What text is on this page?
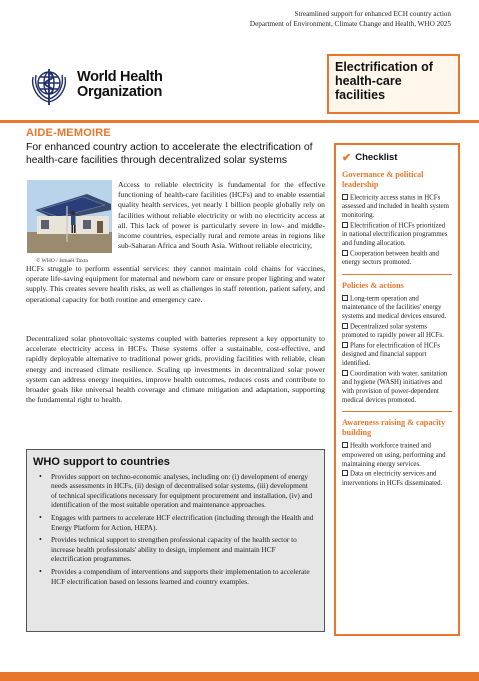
Streamlined support for enhanced ECH country action
Department of Environment, Climate Change and Health, WHO 2025
World Health
Organization
Electrification of
health-care
facilities
AIDE-MEMOIRE
For enhanced country action to accelerate the electrification of health-care facilities through decentralized solar systems
© WHO / Ismaël Taxta
Access to reliable electricity is fundamental for the effective functioning of health-care facilities (HCFs) and to enable essential quality health services, yet nearly 1 billion people globally rely on facilities without reliable electricity or with no electricity access at all. This lack of power is particularly severe in low- and middle-income countries, especially rural and remote areas in regions like sub-Saharan Africa and South Asia. Without reliable electricity,
HCFs struggle to perform essential services: they cannot maintain cold chains for vaccines, operate life-saving equipment for maternal and newborn care or ensure proper lighting and water supply. This creates severe health risks, as well as challenges in staff retention, patient safety, and operational capacity for both routine and emergency care.
Decentralized solar photovoltaic systems coupled with batteries represent a key opportunity to accelerate electricity access in HCFs. These systems offer a sustainable, cost-effective, and rapidly deployable alternative to traditional power grids, providing facilities with reliable, clean energy and increased climate resilience. Scaling up investments in decentralized solar power system can address energy inequities, improve health outcomes, reduces costs and contribute to broader goals like universal health coverage and climate mitigation and adaptation, supporting the fundamental right to health.
WHO support to countries
• Provides support on techno-economic analyses, including on: (i) development of energy needs assessments in HCFs, (ii) design of decentralised solar systems, (iii) development of technical specifications necessary for equipment procurement and installation, (iv) and identification of the most suitable operation and maintenance approaches.
• Engages with partners to accelerate HCF electrification (including through the Health and Energy Platform for Action, HEPA).
• Provides technical support to strengthen professional capacity of the health sector to increase health professionals' ability to design, implement and maintain HCF electrification programmes.
• Provides a compendium of interventions and supports their implementation to accelerate HCF electrification based on lessons learned and country examples.
✔ Checklist
Governance & political leadership
Electricity access status in HCFs assessed and included in health system monitoring.
Electrification of HCFs prioritized in national electrification programmes and funding allocation.
Cooperation between health and energy sectors promoted.
Policies & actions
Long-term operation and maintenance of the facilities' energy systems and medical devices ensured.
Decentralized solar systems promoted to rapidly power all HCFs.
Plans for electrification of HCFs designed and financial support identified.
Coordination with water, sanitation and hygiene (WASH) initiatives and with provision of power-dependent medical devices promoted.
Awareness raising & capacity building
Health workforce trained and empowered on using, performing and maintaining energy services.
Data on electricity services and interventions in HCFs disseminated.
